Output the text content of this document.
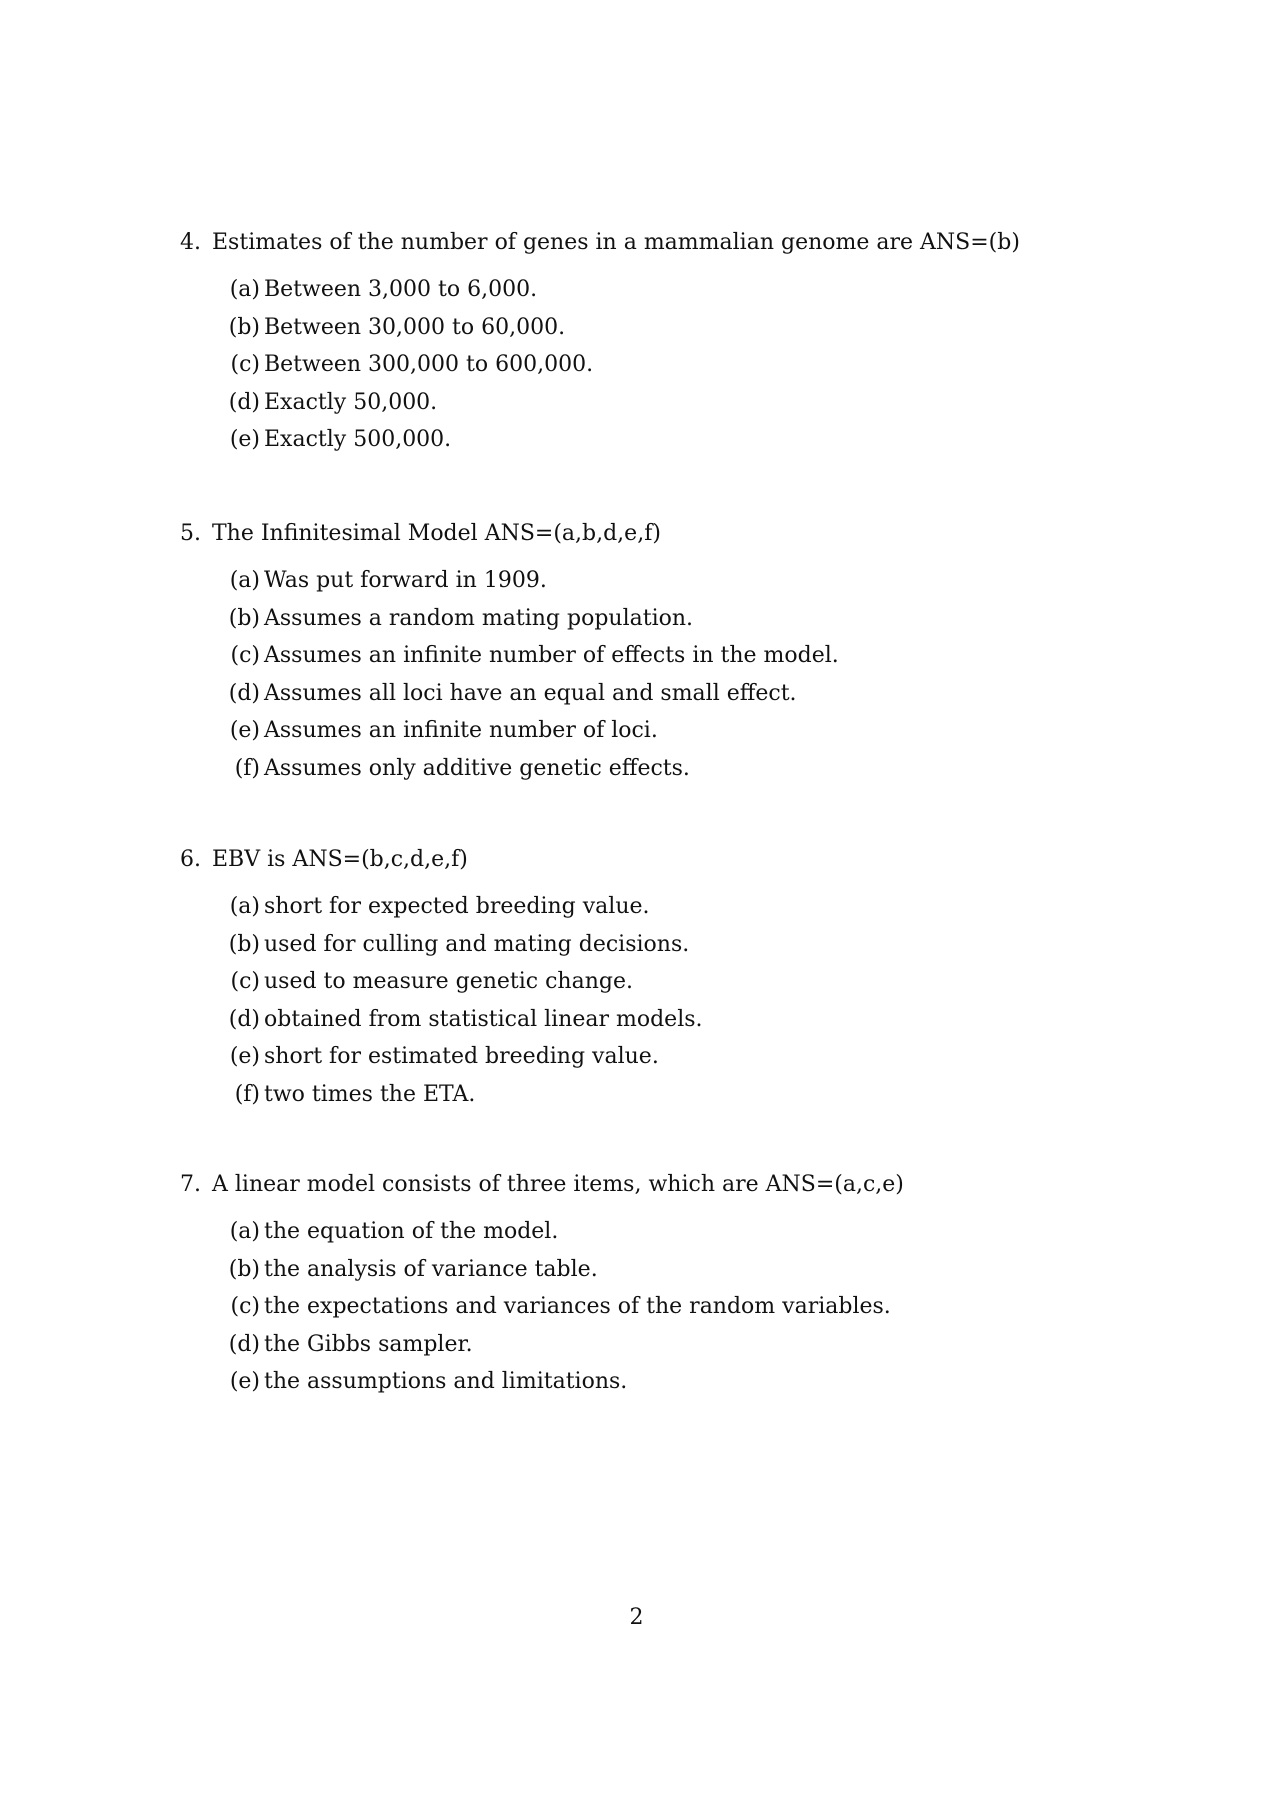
4. Estimates of the number of genes in a mammalian genome are ANS=(b)
(a) Between 3,000 to 6,000.
(b) Between 30,000 to 60,000.
(c) Between 300,000 to 600,000.
(d) Exactly 50,000.
(e) Exactly 500,000.
5. The Infinitesimal Model ANS=(a,b,d,e,f)
(a) Was put forward in 1909.
(b) Assumes a random mating population.
(c) Assumes an infinite number of effects in the model.
(d) Assumes all loci have an equal and small effect.
(e) Assumes an infinite number of loci.
(f) Assumes only additive genetic effects.
6. EBV is ANS=(b,c,d,e,f)
(a) short for expected breeding value.
(b) used for culling and mating decisions.
(c) used to measure genetic change.
(d) obtained from statistical linear models.
(e) short for estimated breeding value.
(f) two times the ETA.
7. A linear model consists of three items, which are ANS=(a,c,e)
(a) the equation of the model.
(b) the analysis of variance table.
(c) the expectations and variances of the random variables.
(d) the Gibbs sampler.
(e) the assumptions and limitations.
2
